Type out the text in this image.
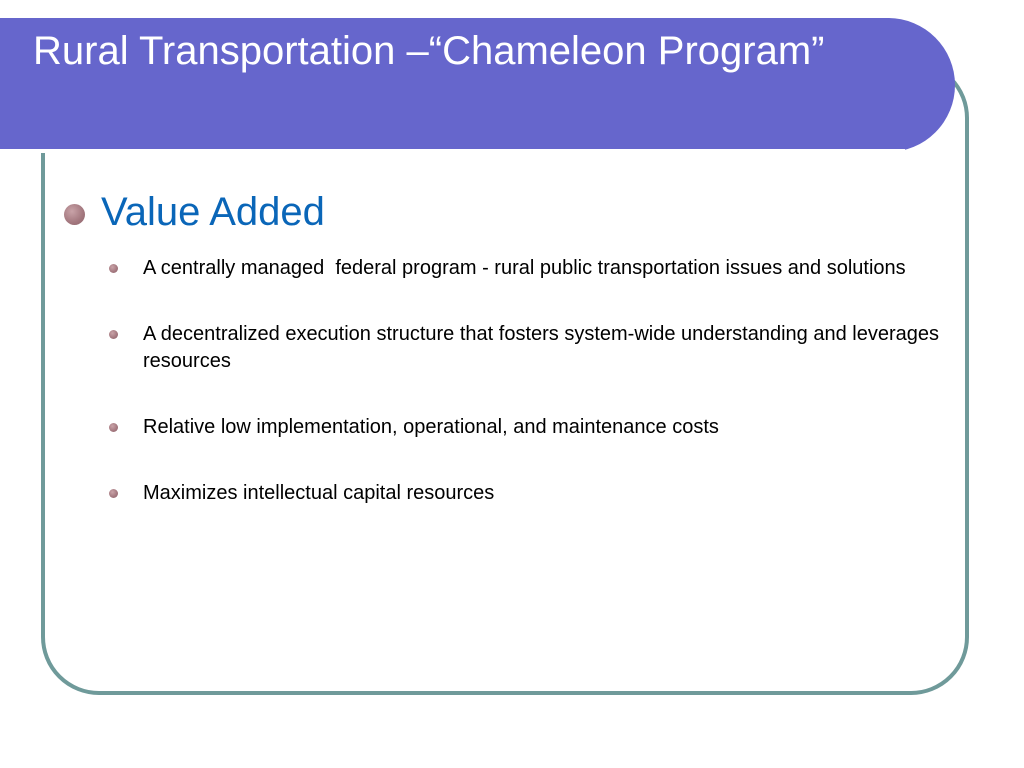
Rural Transportation –“Chameleon Program”
Value Added
A centrally managed  federal program - rural public transportation issues and solutions
A decentralized execution structure that fosters system-wide understanding and leverages resources
Relative low implementation, operational, and maintenance costs
Maximizes intellectual capital resources
